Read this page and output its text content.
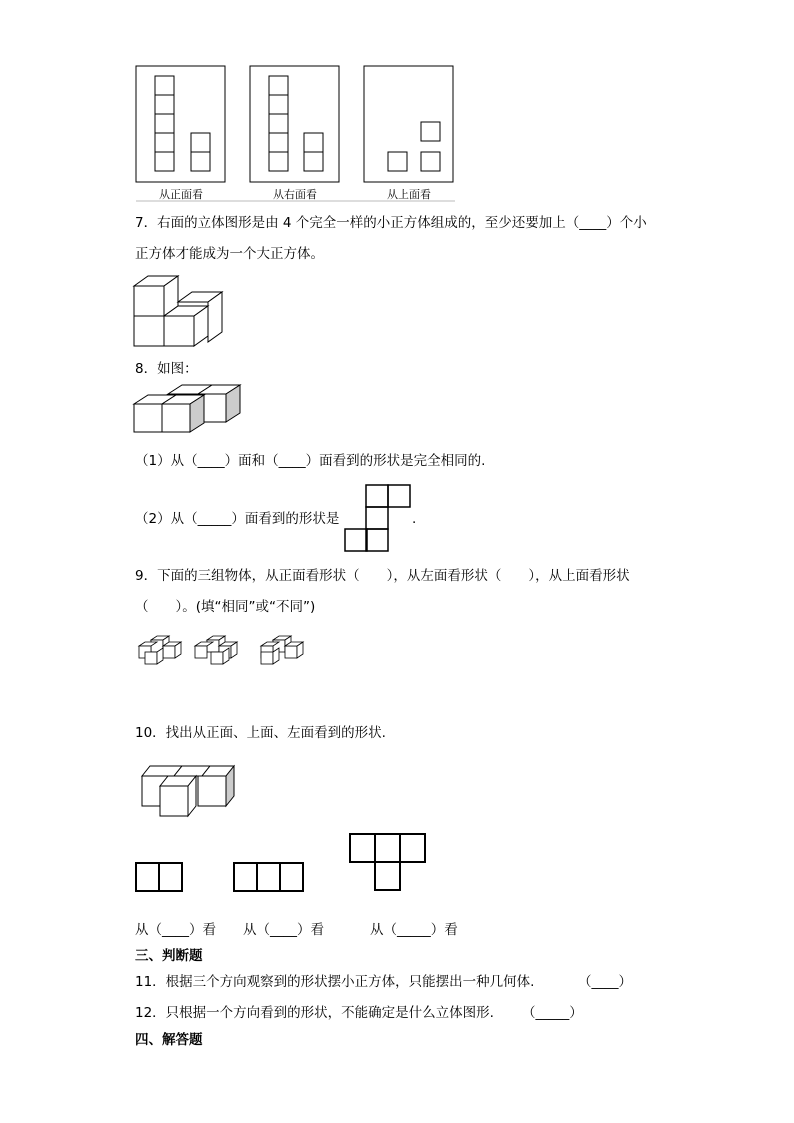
从正面看	从右面看	从上面看
7．右面的立体图形是由 4 个完全一样的小正方体组成的，至少还要加上（____）个小
正方体才能成为一个大正方体。
8．如图：
（1）从（____）面和（____）面看到的形状是完全相同的.
（2）从（_____）面看到的形状是	.
9．下面的三组物体，从正面看形状（　　），从左面看形状（　　），从上面看形状
（　　）。(填“相同”或“不同”)
10．找出从正面、上面、左面看到的形状.
从（____）看 从（____）看	从（_____）看
三、判断题
11．根据三个方向观察到的形状摆小正方体，只能摆出一种几何体.	（____）
12．只根据一个方向看到的形状，不能确定是什么立体图形. （_____）
四、解答题
